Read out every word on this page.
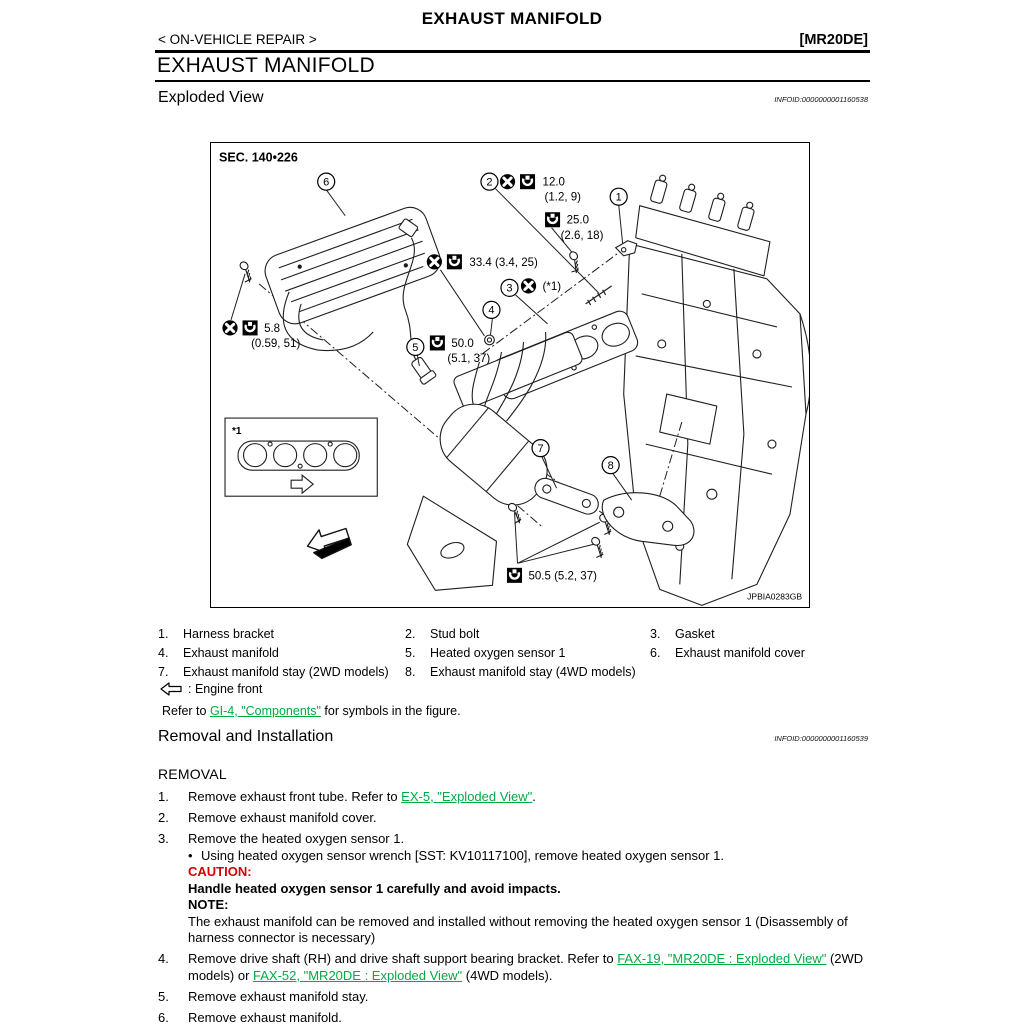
EXHAUST MANIFOLD
< ON-VEHICLE REPAIR >	[MR20DE]
EXHAUST MANIFOLD
Exploded View	INFOID:0000000001160538
SEC. 140•226
JPBIA0283GB
*1
1
2
3
4
5
6
7
8
12.0
(1.2, 9)
25.0
(2.6, 18)
33.4 (3.4, 25)
(*1)
50.0
(5.1, 37)
5.8
(0.59, 51)
50.5 (5.2, 37)
1.	Harness bracket	2.	Stud bolt	3.	Gasket
4.	Exhaust manifold	5.	Heated oxygen sensor 1	6.	Exhaust manifold cover
7.	Exhaust manifold stay (2WD models) 8.	Exhaust manifold stay (4WD models)
: Engine front
Refer to GI-4, "Components" for symbols in the figure.
Removal and Installation	INFOID:0000000001160539
REMOVAL
1.	Remove exhaust front tube. Refer to EX-5, "Exploded View".
2.	Remove exhaust manifold cover.
3.	Remove the heated oxygen sensor 1.
• Using heated oxygen sensor wrench [SST: KV10117100], remove heated oxygen sensor 1.
CAUTION:
Handle heated oxygen sensor 1 carefully and avoid impacts.
NOTE:
The exhaust manifold can be removed and installed without removing the heated oxygen sensor 1 (Disassembly of harness connector is necessary)
4.	Remove drive shaft (RH) and drive shaft support bearing bracket. Refer to FAX-19, "MR20DE : Exploded View" (2WD models) or FAX-52, "MR20DE : Exploded View" (4WD models).
5.	Remove exhaust manifold stay.
6.	Remove exhaust manifold.
